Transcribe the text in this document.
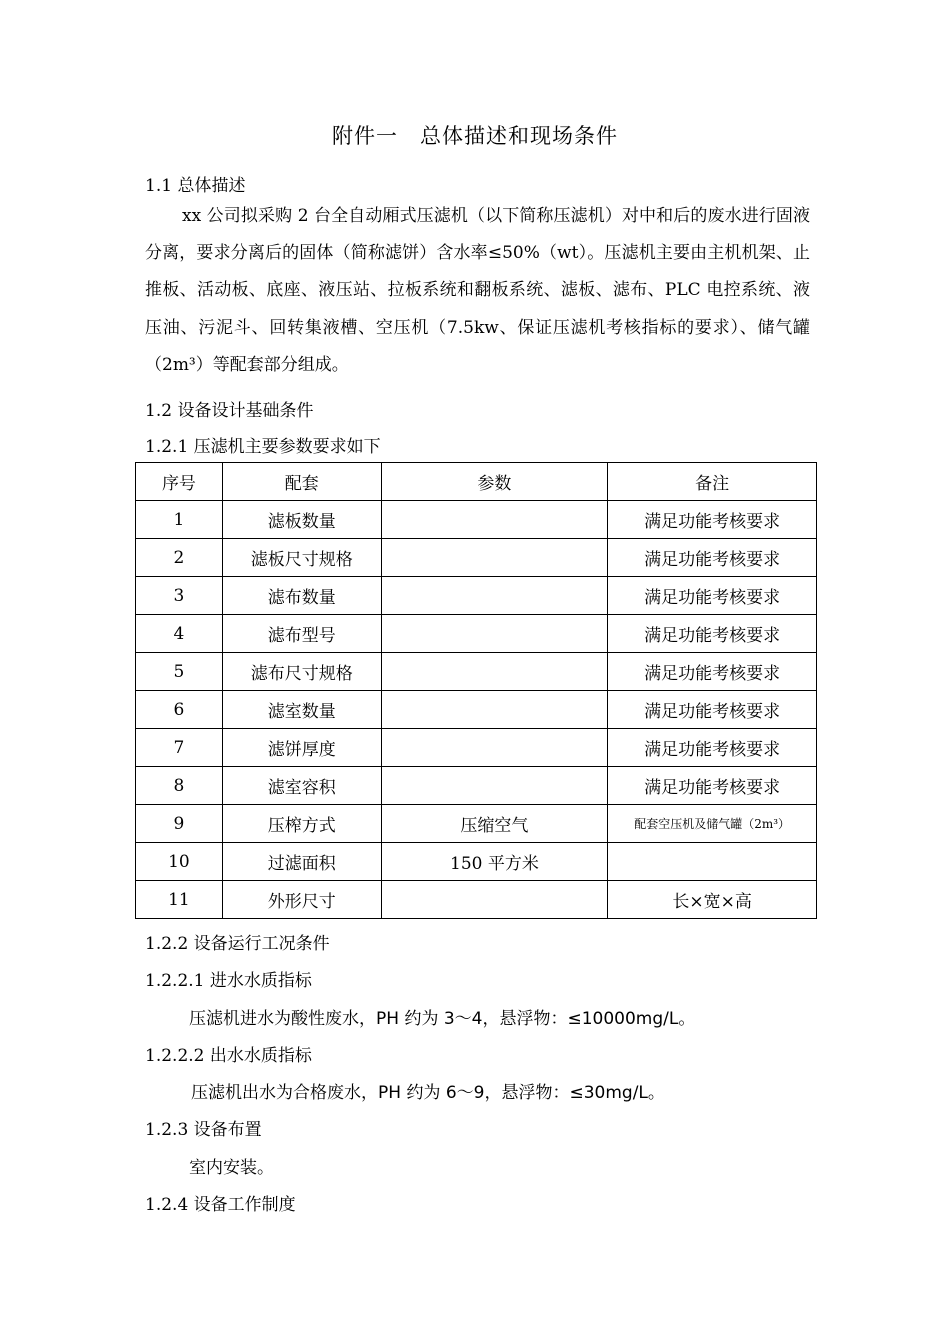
附件一　总体描述和现场条件
1.1 总体描述
xx 公司拟采购 2 台全自动厢式压滤机（以下简称压滤机）对中和后的废水进行固液分离，要求分离后的固体（简称滤饼）含水率≤50%（wt）。压滤机主要由主机机架、止推板、活动板、底座、液压站、拉板系统和翻板系统、滤板、滤布、PLC 电控系统、液压油、污泥斗、回转集液槽、空压机（7.5kw、保证压滤机考核指标的要求）、储气罐（2m³）等配套部分组成。
1.2 设备设计基础条件
1.2.1 压滤机主要参数要求如下
序号	配套	参数	备注
1	滤板数量		满足功能考核要求
2	滤板尺寸规格		满足功能考核要求
3	滤布数量		满足功能考核要求
4	滤布型号		满足功能考核要求
5	滤布尺寸规格		满足功能考核要求
6	滤室数量		满足功能考核要求
7	滤饼厚度		满足功能考核要求
8	滤室容积		满足功能考核要求
9	压榨方式	压缩空气	配套空压机及储气罐（2m³）
10	过滤面积	150 平方米	
11	外形尺寸		长×宽×高
1.2.2 设备运行工况条件
1.2.2.1 进水水质指标
压滤机进水为酸性废水，PH 约为 3～4，悬浮物：≤10000mg/L。
1.2.2.2 出水水质指标
压滤机出水为合格废水，PH 约为 6～9，悬浮物：≤30mg/L。
1.2.3 设备布置
室内安装。
1.2.4 设备工作制度
